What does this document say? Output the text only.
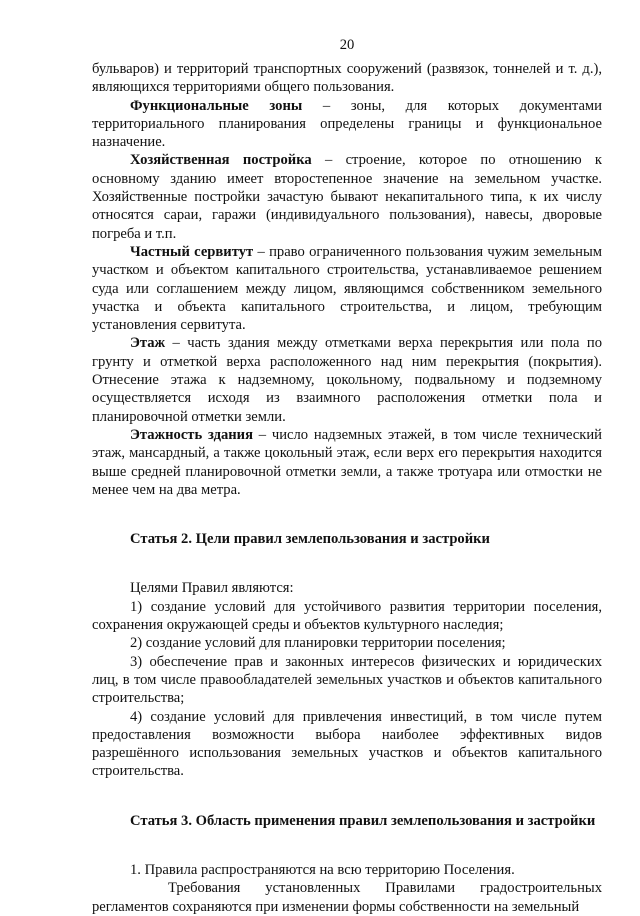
20

бульваров) и территорий транспортных сооружений (развязок, тоннелей и т. д.), являющихся территориями общего пользования.

Функциональные зоны – зоны, для которых документами территориального планирования определены границы и функциональное назначение.

Хозяйственная постройка – строение, которое по отношению к основному зданию имеет второстепенное значение на земельном участке. Хозяйственные постройки зачастую бывают некапитального типа, к их числу относятся сараи, гаражи (индивидуального пользования), навесы, дворовые погреба и т.п.

Частный сервитут – право ограниченного пользования чужим земельным участком и объектом капитального строительства, устанавливаемое решением суда или соглашением между лицом, являющимся собственником земельного участка и объекта капитального строительства, и лицом, требующим установления сервитута.

Этаж – часть здания между отметками верха перекрытия или пола по грунту и отметкой верха расположенного над ним перекрытия (покрытия). Отнесение этажа к надземному, цокольному, подвальному и подземному осуществляется исходя из взаимного расположения отметки пола и планировочной отметки земли.

Этажность здания – число надземных этажей, в том числе технический этаж, мансардный, а также цокольный этаж, если верх его перекрытия находится выше средней планировочной отметки земли, а также тротуара или отмостки не менее чем на два метра.

Статья 2. Цели правил землепользования и застройки

Целями Правил являются:

1) создание условий для устойчивого развития территории поселения, сохранения окружающей среды и объектов культурного наследия;

2) создание условий для планировки территории поселения;

3) обеспечение прав и законных интересов физических и юридических лиц, в том числе правообладателей земельных участков и объектов капитального строительства;

4) создание условий для привлечения инвестиций, в том числе путем предоставления возможности выбора наиболее эффективных видов разрешённого использования земельных участков и объектов капитального строительства.

Статья 3. Область применения правил землепользования и застройки

1. Правила распространяются на всю территорию Поселения.

Требования установленных Правилами градостроительных регламентов сохраняются при изменении формы собственности на земельный
